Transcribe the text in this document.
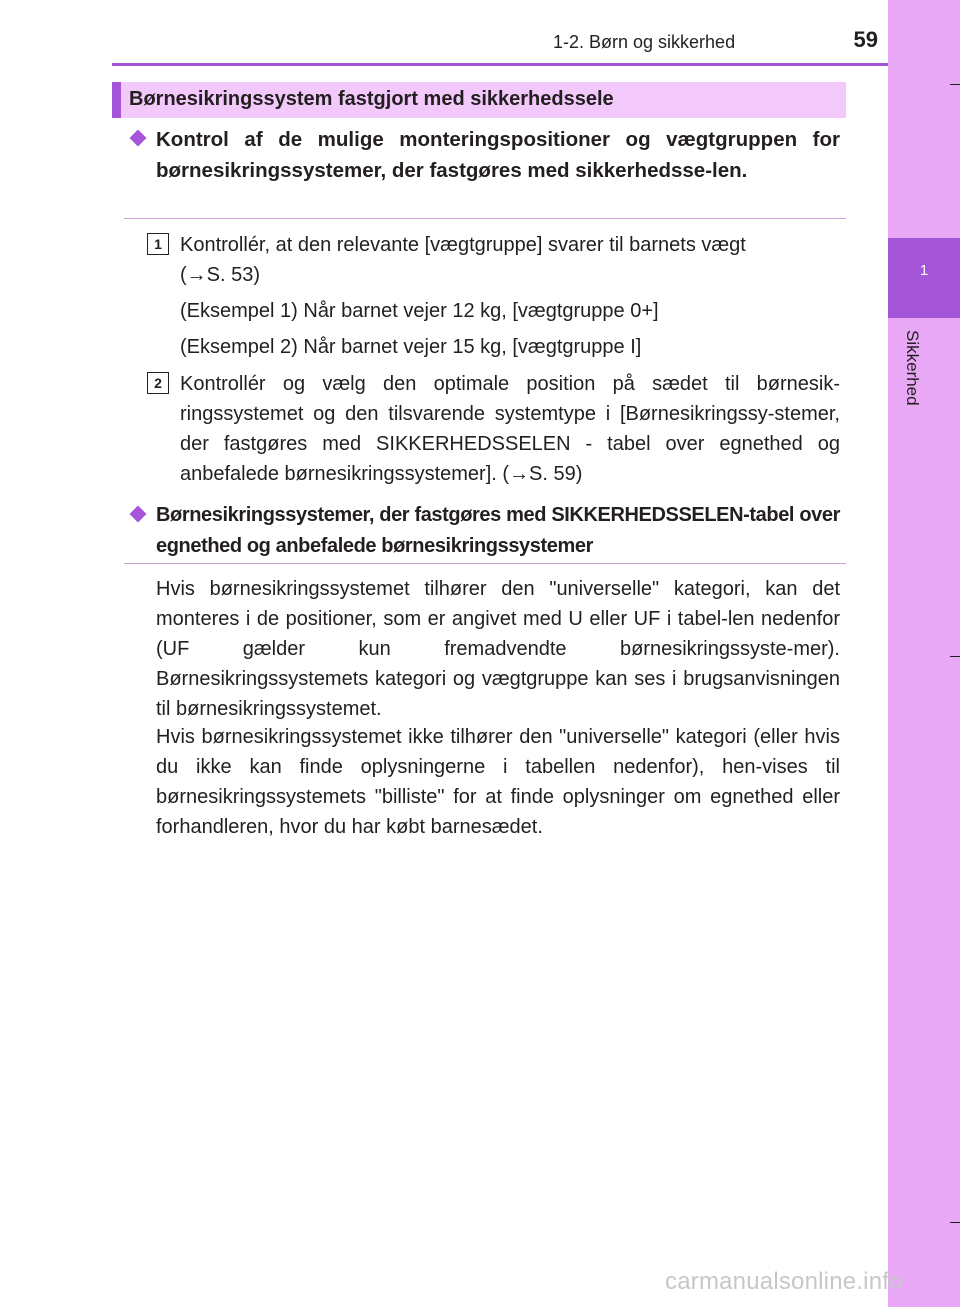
1
Sikkerhed
1-2. Børn og sikkerhed	59
Børnesikringssystem fastgjort med sikkerhedssele
Kontrol af de mulige monteringspositioner og vægtgruppen for børnesikringssystemer, der fastgøres med sikkerhedsse-len.
1 Kontrollér, at den relevante [vægtgruppe] svarer til barnets vægt
(→S. 53)
(Eksempel 1) Når barnet vejer 12 kg, [vægtgruppe 0+]
(Eksempel 2) Når barnet vejer 15 kg, [vægtgruppe I]
2 Kontrollér og vælg den optimale position på sædet til børnesik-ringssystemet og den tilsvarende systemtype i [Børnesikringssy-stemer, der fastgøres med SIKKERHEDSSELEN - tabel over egnethed og anbefalede børnesikringssystemer]. (→S. 59)
Børnesikringssystemer, der fastgøres med SIKKERHEDSSELEN-tabel over egnethed og anbefalede børnesikringssystemer
Hvis børnesikringssystemet tilhører den "universelle" kategori, kan det monteres i de positioner, som er angivet med U eller UF i tabel-len nedenfor (UF gælder kun fremadvendte børnesikringssyste-mer). Børnesikringssystemets kategori og vægtgruppe kan ses i brugsanvisningen til børnesikringssystemet.
Hvis børnesikringssystemet ikke tilhører den "universelle" kategori (eller hvis du ikke kan finde oplysningerne i tabellen nedenfor), hen-vises til børnesikringssystemets "billiste" for at finde oplysninger om egnethed eller forhandleren, hvor du har købt barnesædet.
carmanualsonline.info
